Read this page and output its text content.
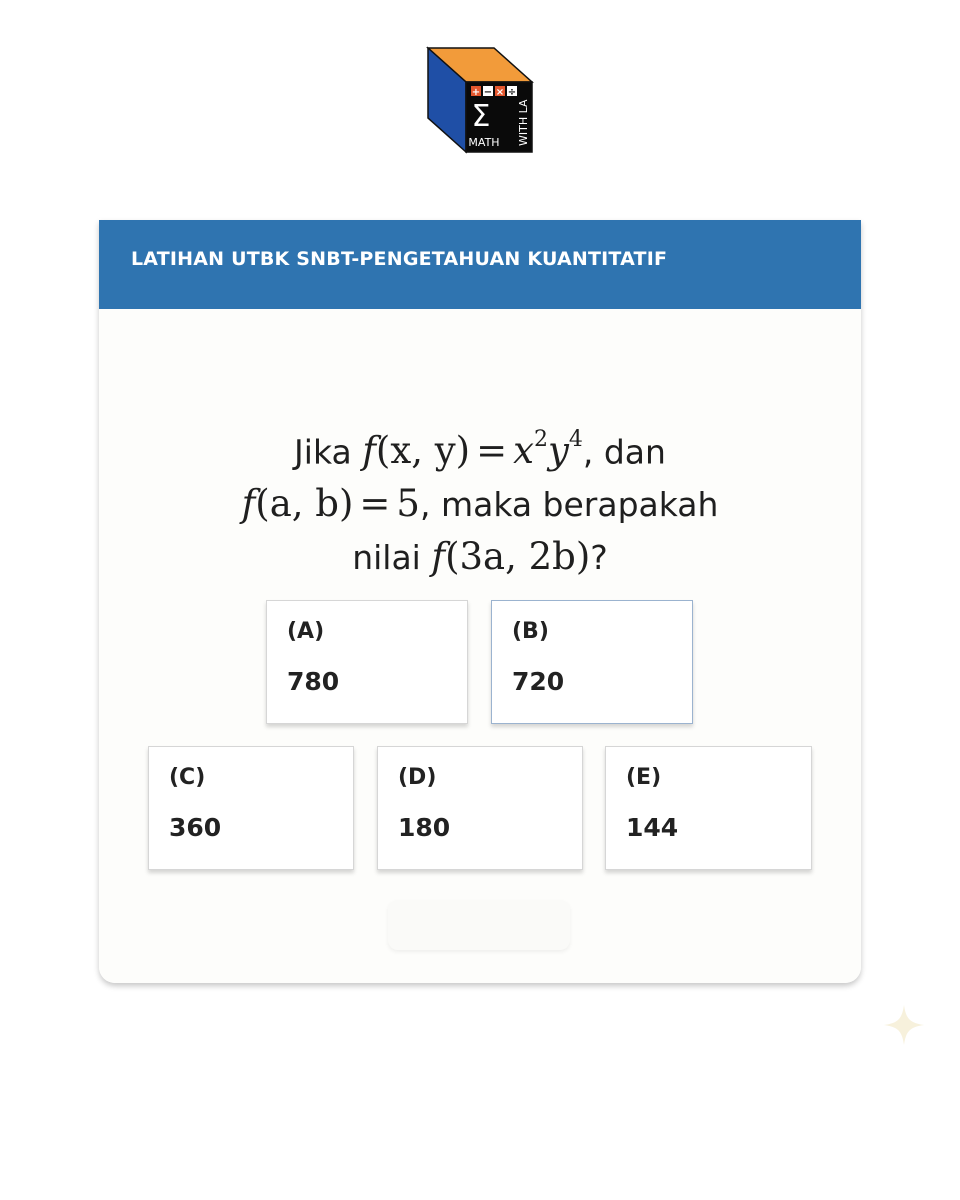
+ − × ÷
Σ
MATH WITH LA
LATIHAN UTBK SNBT-PENGETAHUAN KUANTITATIF
Jika f(x, $y) = x^2y^4$, dan
f(a, b) = 5, maka berapakah
nilai f(3a, 2b)?
(A)
780
(B)
720
(C)
360
(D)
180
(E)
144
